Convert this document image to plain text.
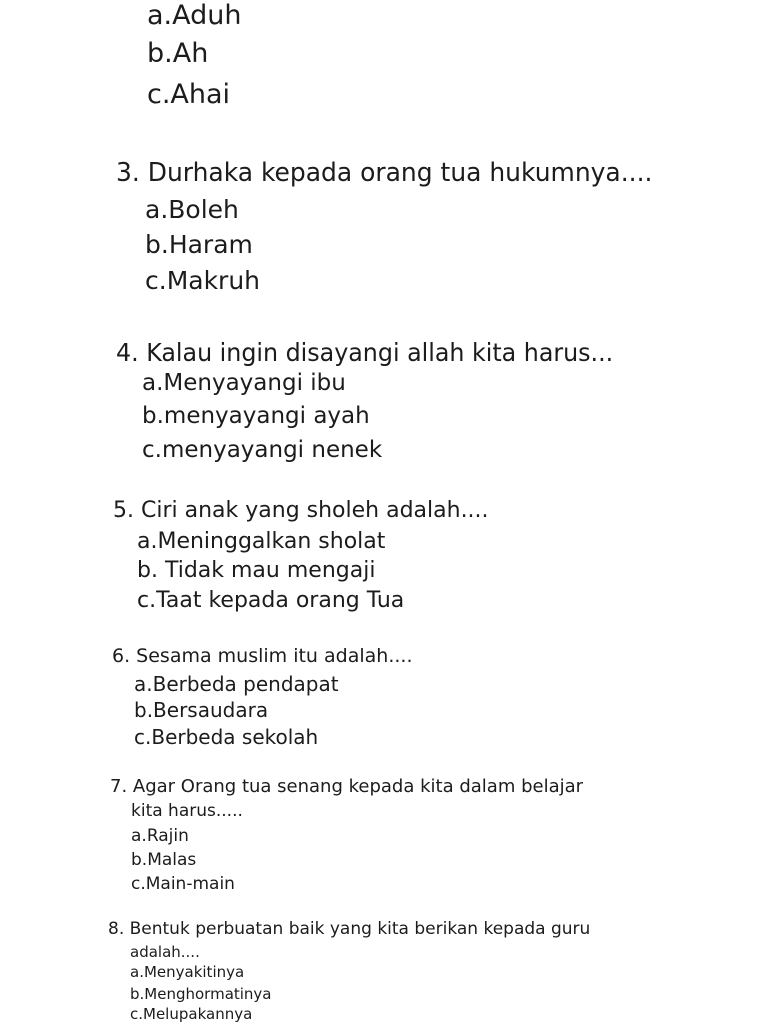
a.Aduh

b.Ah

c.Ahai

3. Durhaka kepada orang tua hukumnya....

a.Boleh

b.Haram

c.Makruh

4. Kalau ingin disayangi allah kita harus...

a.Menyayangi ibu

b.menyayangi ayah

c.menyayangi nenek

5. Ciri anak yang sholeh adalah....

a.Meninggalkan sholat

b. Tidak mau mengaji

c.Taat kepada orang Tua

6. Sesama muslim itu adalah....

a.Berbeda pendapat

b.Bersaudara

c.Berbeda sekolah

7. Agar Orang tua senang kepada kita dalam belajar

kita harus.....

a.Rajin

b.Malas

c.Main-main

8. Bentuk perbuatan baik yang kita berikan kepada guru

adalah....

a.Menyakitinya

b.Menghormatinya

c.Melupakannya
